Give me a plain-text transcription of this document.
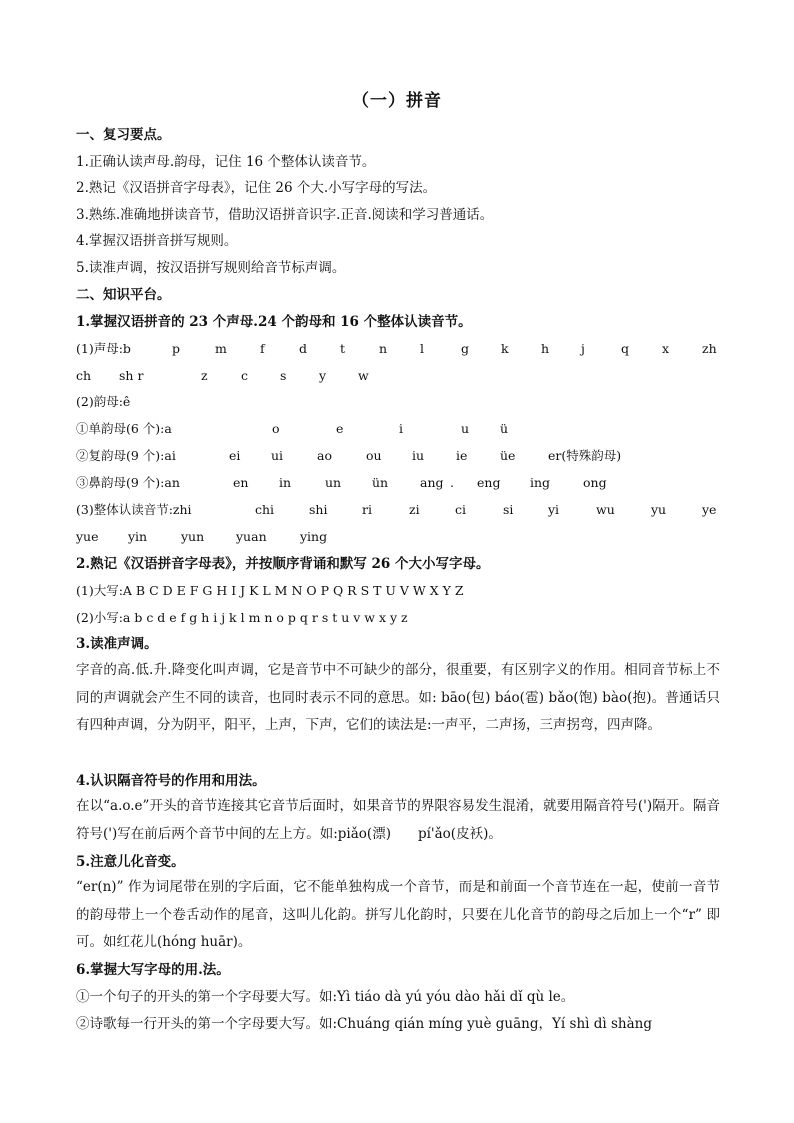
（一）拼音
一、复习要点。
1.正确认读声母.韵母，记住 16 个整体认读音节。
2.熟记《汉语拼音字母表》，记住 26 个大.小写字母的写法。
3.熟练.准确地拼读音节，借助汉语拼音识字.正音.阅读和学习普通话。
4.掌握汉语拼音拼写规则。
5.读准声调，按汉语拼写规则给音节标声调。
二、知识平台。
1.掌握汉语拼音的 23 个声母.24 个韵母和 16 个整体认读音节。
(1)声母:b	p	m	f	d	t	n	l	g	k	h	j	q	x	zh
ch sh r	z	c	s	y	w
(2)韵母:ê
①单韵母(6 个):a	o	e	i	u ü
②复韵母(9 个):ai	ei ui	ao	ou iu	ie	üe	er(特殊韵母)
③鼻韵母(9 个):an	en in	un ün	ang . eng ing	ong
(3)整体认读音节:zhi	chi	shi	ri	zi	ci	si	yi	wu	yu	ye
yue yin	yun	yuan	ying
2.熟记《汉语拼音字母表》，并按顺序背诵和默写 26 个大小写字母。
(1)大写:A B C D E F G H I J K L M N O P Q R S T U V W X Y Z
(2)小写:a b c d e f g h i j k l m n o p q r s t u v w x y z
3.读准声调。
字音的高.低.升.降变化叫声调，它是音节中不可缺少的部分，很重要，有区别字义的作用。相同音节标上不同的声调就会产生不同的读音，也同时表示不同的意思。如: bāo(包) báo(雹) bǎo(饱) bào(抱)。普通话只有四种声调，分为阴平，阳平，上声，下声，它们的读法是:一声平，二声扬，三声拐弯，四声降。
4.认识隔音符号的作用和用法。
在以“a.o.e”开头的音节连接其它音节后面时，如果音节的界限容易发生混淆，就要用隔音符号(')隔开。隔音符号(')写在前后两个音节中间的左上方。如:piǎo(漂)　　pí'ǎo(皮袄)。
5.注意儿化音变。
“er(n)” 作为词尾带在别的字后面，它不能单独构成一个音节，而是和前面一个音节连在一起，使前一音节的韵母带上一个卷舌动作的尾音，这叫儿化韵。拼写儿化韵时，只要在儿化音节的韵母之后加上一个“r” 即可。如红花儿(hóng huār)。
6.掌握大写字母的用.法。
①一个句子的开头的第一个字母要大写。如:Yì tiáo dà yú yóu dào hǎi dǐ qù le。
②诗歌每一行开头的第一个字母要大写。如:Chuáng qián míng yuè guāng，Yí shì dì shàng
